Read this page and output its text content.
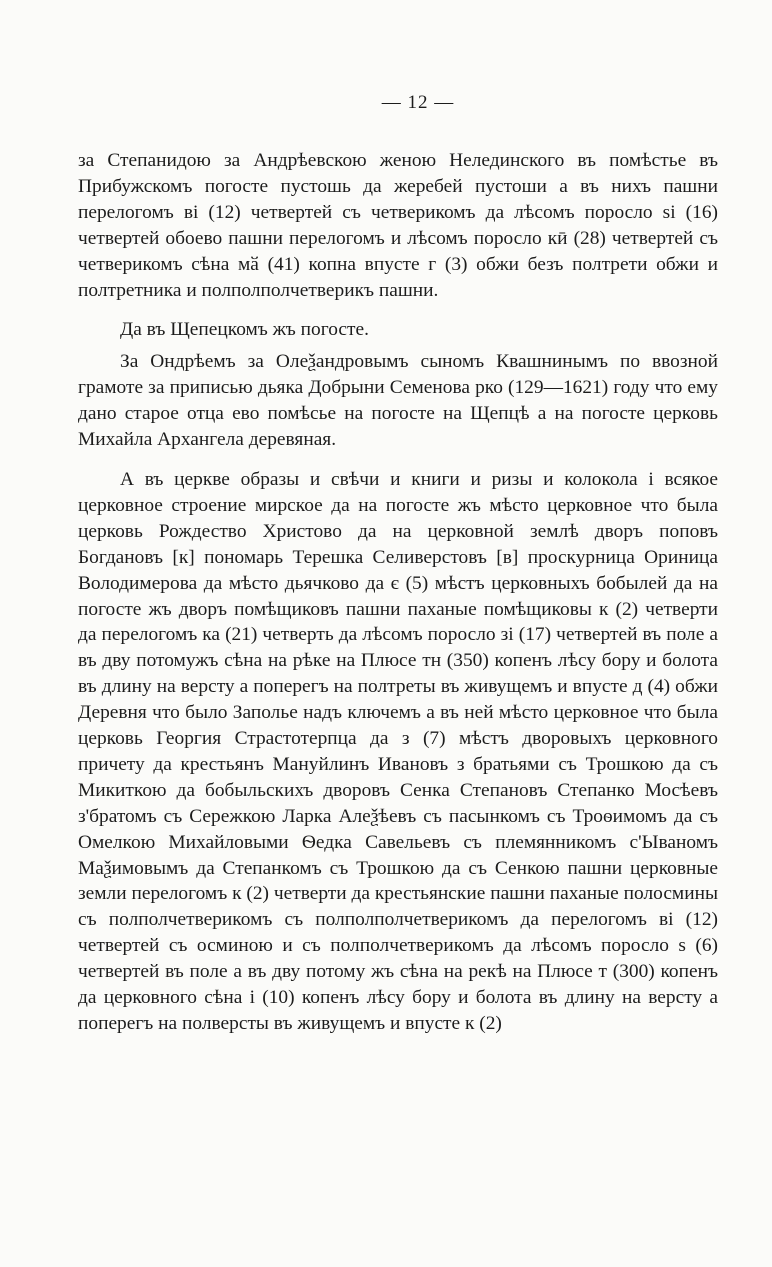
— 12 —

за Степанидою за Андрѣевскою женою Нелединского въ помѣстье въ Прибужскомъ погосте пустошь да жеребей пустоши а въ нихъ пашни перелогомъ ві (12) четвертей съ четверикомъ да лѣсомъ поросло sі (16) четвертей обоево пашни перелогомъ и лѣсомъ поросло кӣ (28) четвертей съ четверикомъ сѣна мӑ (41) копна впусте г (3) обжи безъ полтрети обжи и полтретника и полполполчетверикъ пашни.

Да въ Щепецкомъ жъ погосте.

За Ондрѣемъ за Олеѯандровымъ сыномъ Квашнинымъ по ввозной грамоте за приписью дьяка Добрыни Семенова рко (129—1621) году что ему дано старое отца ево помѣсье на погосте на Щепцѣ а на погосте церковь Михайла Архангела деревяная.

А въ церкве образы и свѣчи и книги и ризы и колокола і всякое церковное строение мирское да на погосте жъ мѣсто церковное что была церковь Рождество Христово да на церковной землѣ дворъ поповъ Богдановъ [к] пономарь Терешка Селиверстовъ [в] проскурница Ориница Володимерова да мѣсто дьячково да є (5) мѣстъ церковныхъ бобылей да на погосте жъ дворъ помѣщиковъ пашни паханые помѣщиковы к (2) четверти да перелогомъ ка (21) четверть да лѣсомъ поросло зі (17) четвертей въ поле а въ дву потомужъ сѣна на рѣке на Плюсе тн (350) копенъ лѣсу бору и болота въ длину на версту а поперегъ на полтреты въ живущемъ и впусте д (4) обжи Деревня что было Заполье надъ ключемъ а въ ней мѣсто церковное что была церковь Георгия Страстотерпца да з (7) мѣстъ дворовыхъ церковного причету да крестьянъ Мануйлинъ Ивановъ з братьями съ Трошкою да съ Микиткою да бобыльскихъ дворовъ Сенка Степановъ Степанко Мосѣевъ з'братомъ съ Сережкою Ларка Алеѯѣевъ съ пасынкомъ съ Троѳимомъ да съ Омелкою Михайловыми Ѳедка Савельевъ съ племянникомъ с'Ываномъ Маѯимовымъ да Степанкомъ съ Трошкою да съ Сенкою пашни церковные земли перелогомъ к (2) четверти да крестьянские пашни паханые полосмины съ полполчетверикомъ съ полполполчетверикомъ да перелогомъ ві (12) четвертей съ осминою и съ полполчетверикомъ да лѣсомъ поросло s (6) четвертей въ поле а въ дву потому жъ сѣна на рекѣ на Плюсе т (300) копенъ да церковного сѣна і (10) копенъ лѣсу бору и болота въ длину на версту а поперегъ на полверсты въ живущемъ и впусте к (2)
